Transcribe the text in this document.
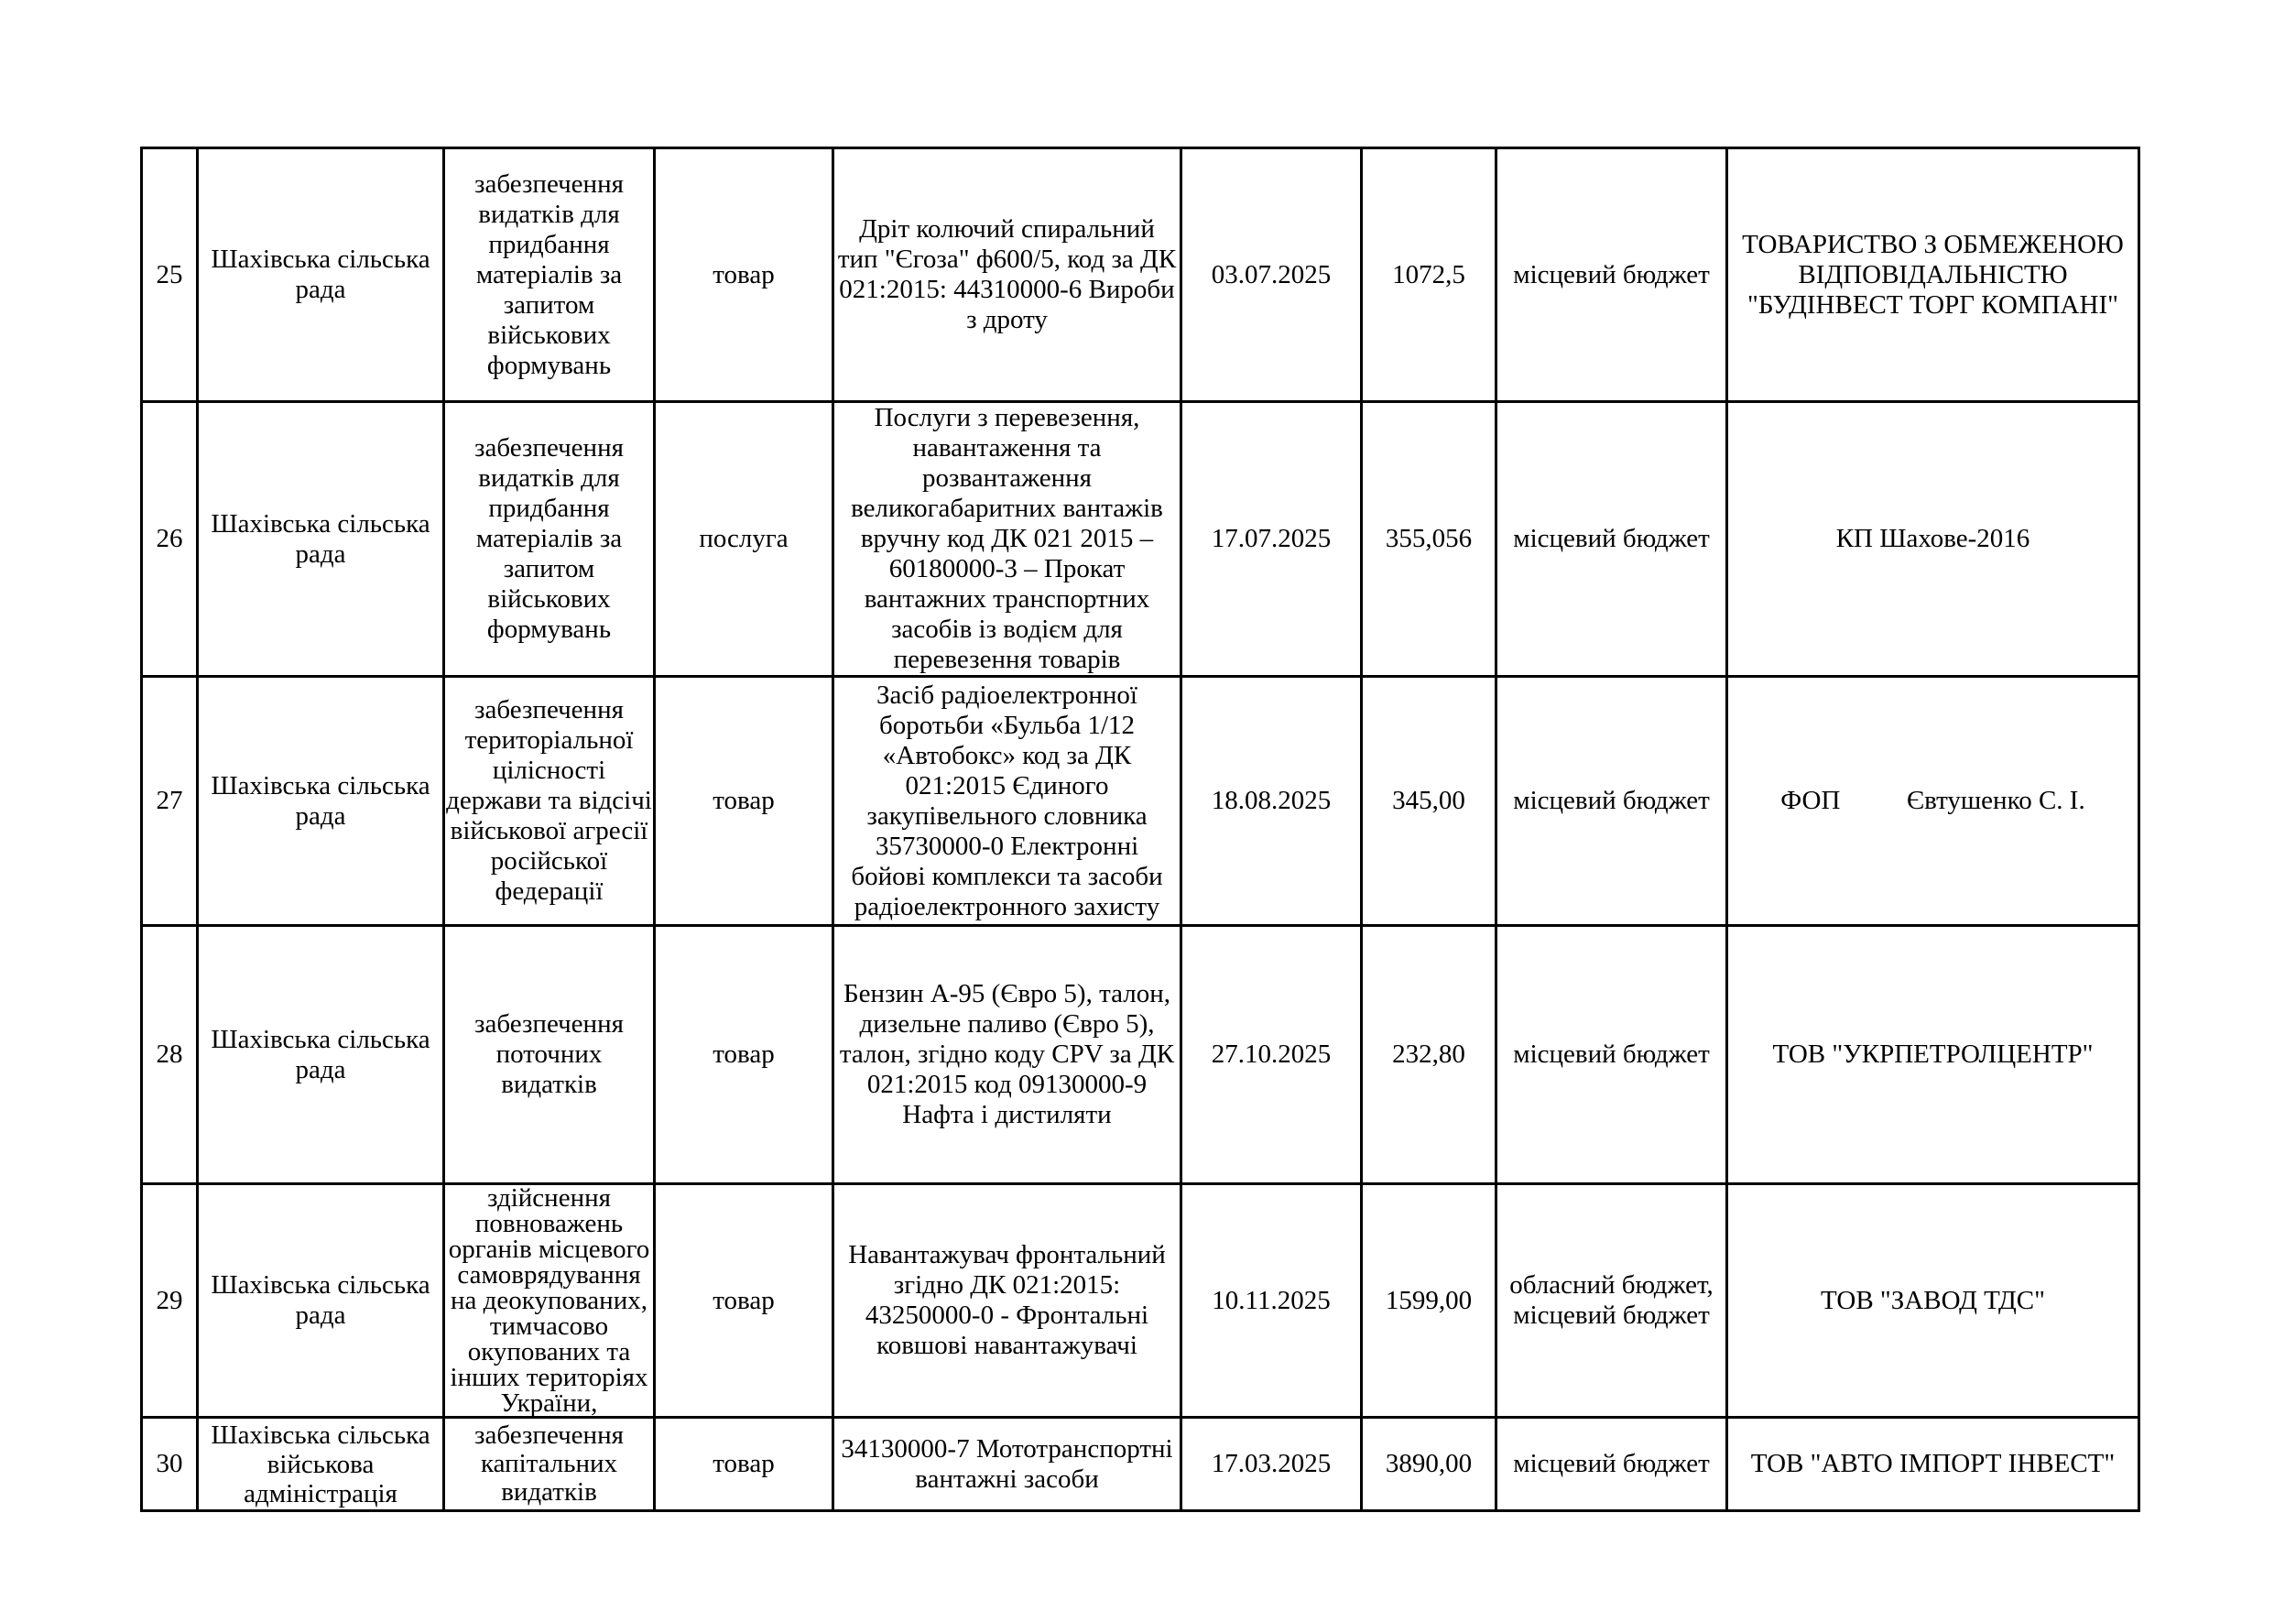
25	Шахівська сільська рада	забезпечення видатків для придбання матеріалів за запитом військових формувань	товар	Дріт колючий спиральний тип "Єгоза" ф600/5, код за ДК 021:2015: 44310000-6 Вироби з дроту	03.07.2025	1072,5	місцевий бюджет	ТОВАРИСТВО З ОБМЕЖЕНОЮ ВІДПОВІДАЛЬНІСТЮ "БУДІНВЕСТ ТОРГ КОМПАНІ"
26	Шахівська сільська рада	забезпечення видатків для придбання матеріалів за запитом військових формувань	послуга	Послуги з перевезення, навантаження та розвантаження великогабаритних вантажів вручну код ДК 021 2015 – 60180000-3 – Прокат вантажних транспортних засобів із водієм для перевезення товарів	17.07.2025	355,056	місцевий бюджет	КП Шахове-2016
27	Шахівська сільська рада	забезпечення територіальної цілісності держави та відсічі військової агресії російської федерації	товар	Засіб радіоелектронної боротьби «Бульба 1/12 «Автобокс» код за ДК 021:2015 Єдиного закупівельного словника 35730000-0 Електронні бойові комплекси та засоби радіоелектронного захисту	18.08.2025	345,00	місцевий бюджет	ФОП          Євтушенко С. І.
28	Шахівська сільська рада	забезпечення поточних видатків	товар	Бензин А-95 (Євро 5), талон, дизельне паливо (Євро 5), талон, згідно коду CPV за ДК 021:2015 код 09130000-9 Нафта і дистиляти	27.10.2025	232,80	місцевий бюджет	ТОВ "УКРПЕТРОЛЦЕНТР"
29	Шахівська сільська рада	здійснення повноважень органів місцевого самоврядування на деокупованих, тимчасово окупованих та інших територіях України,	товар	Навантажувач фронтальний згідно ДК 021:2015: 43250000-0 - Фронтальні ковшові навантажувачі	10.11.2025	1599,00	обласний бюджет, місцевий бюджет	ТОВ "ЗАВОД ТДС"
30	Шахівська сільська військова адміністрація	забезпечення капітальних видатків	товар	34130000-7 Мототранспортні вантажні засоби	17.03.2025	3890,00	місцевий бюджет	ТОВ "АВТО ІМПОРТ ІНВЕСТ"
